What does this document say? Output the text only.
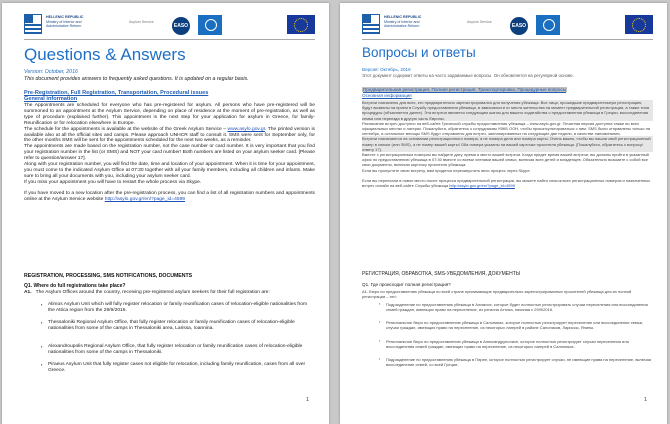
HELLENIC REPUBLIC
Ministry of Interior and
Administrative Reform
Asylum Service
EASO
Questions & Answers
Version: October, 2016
This document provides answers to frequently asked questions. It is updated on a regular basis.
Pre-Registration, Full Registration, Transportation, Procedural issues
General information

The Appointments are scheduled for everyone who has pre-registered for asylum. All persons who have pre-registered will be summoned to an appointment at the Asylum Service, depending on place of residence at the moment of pre-registration, as well as type of procedure (explained further). This appointment is the next step for your application for asylum in Greece, for family-Reunification or for relocation elsewhere in Europe.

The schedule for the appointments is available at the website of the Greek Asylum Service – www.asylo.gov.gr. The printed version is available also at all the official sites and camps. Please approach UNHCR staff to consult it. SMS were sent for September only, for the other months SMS will be sent for the appointments scheduled for the next two weeks, as a reminder.

The appointments are made based on the registration number, not the case number or card number. It is very important that you find your registration number in the list (or SMS) and NOT your card number! Both numbers are listed on your asylum seeker card. [Please refer to question/answer 17].

Along with your registration number, you will find the date, time and location of your appointment. When it is time for your appointment, you must come to the indicated Asylum Office at 07:30 together with all your family members, including all children and infants. Make sure to bring all your documents with you, including your asylum seeker card.

If you miss your appointment you will have to restart the whole process via Skype.

If you have moved to a new location after the pre-registration process, you can find a list of all registration numbers and appointments online at the Asylum Service website http://asylo.gov.gr/en/?page_id=4599

REGISTRATION, PROCESSING, SMS NOTIFICATIONS, DOCUMENTS
Q1. Where do full registrations take place?
A1. The Asylum Offices around the country, receiving pre-registered asylum seekers for their full registration are:
▪ Alimos Asylum Unit which will fully register relocation or family reunification cases of relocation-eligible nationalities from the Attica region from the 29/9/2016.
▪ Thessaloniki Regional Asylum Office, that fully register relocation or family reunification cases of relocation-eligible nationalities from some of the camps in Thessaloniki area, Larissa, Ioannina.
▪ Alexandroupolis Regional Asylum Office, that fully register relocation or family reunification cases of relocation-eligible nationalities from some of the camps in Thessaloniki.
▪ Piraeus Asylum Unit that fully register cases not eligible for relocation, including family reunification, cases from all over Greece.
1
HELLENIC REPUBLIC
Ministry of Interior and
Administrative Reform
Asylum Service
EASO
Вопросы и ответы
Версия: Октябрь, 2016
Этот документ содержит ответы на часто задаваемые вопросы. Он обновляется на регулярной основе.
Предварительная регистрация, Полная регистрация, Транспортировка, Процедурные вопросы
Основная информация

Встречи назначены для всех, кто предварительно зарегистрировался для получения убежища. Все лица, прошедшие предварительную регистрацию, будут вызваны на прием в Службу предоставления убежища, в зависимости от места жительства на момент предварительной регистрации, а также типа процедуры (объясняется далее). Эта встреча является следующим шагом для вашего ходатайства о предоставлении убежища в Греции, воссоединения семьи или переезда в другую часть Европы.

Расписание встреч доступно на веб-сайте Греческой службы предоставления убежища – www.asylo.gov.gr. Печатная версия доступна также во всех официальных местах и лагерях. Пожалуйста, обратитесь к сотрудникам УВКБ ООН, чтобы проконсультироваться с ним. SMS были отправлены только на сентябрь, в остальные месяцы SMS будут отправлены для встреч, запланированных на следующие две недели, в качестве напоминания.

Встречи назначаются на основании регистрационного номера, а не номера дела или номера карты. Очень важно, чтобы вы нашли свой регистрационный номер в списке (или SMS), а не номер вашей карты! Оба номера указаны на вашей карточке просителя убежища. [Пожалуйста, обратитесь к вопросу/ответу 17].

Вместе с регистрационным номером вы найдете дату, время и место вашей встречи. Когда придет время вашей встречи, вы должны прийти в указанный офис по предоставлению убежища в 07:30 вместе со всеми членами вашей семьи, включая всех детей и младенцев. Обязательно возьмите с собой все свои документы, включая карточку просителя убежища.

Если вы пропустите свою встречу, вам придется перезапустить весь процесс через Skype.

Если вы переехали в новое место после процесса предварительной регистрации, вы можете найти список всех регистрационных номеров и назначенных встреч онлайн на веб-сайте Службы убежища http://asylo.gov.gr/en/?page_id=4599

РЕГИСТРАЦИЯ, ОБРАБОТКА, SMS-УВЕДОМЛЕНИЯ, ДОКУМЕНТЫ
Q1. Где происходит полная регистрация?
A1. Бюро по предоставлению убежища по всей стране принимающие предварительно зарегистрированных просителей убежища для их полной регистрации – это:
▪ Подразделение по предоставлению убежища в Алимосе, которое будет полностью регистрировать случаи переселения или воссоединения семей граждан, имеющих право на переселение, из региона Аттика, начиная с 29/9/2016.
▪ Региональное бюро по предоставлению убежища в Салониках, которое полностью регистрирует переселение или воссоединение семьи, случаи граждан, имеющих право на переселение, из некоторых лагерей в районе Салоников, Лариссы, Янины.
▪ Региональное бюро по предоставлению убежища в Александруполисе, которое полностью регистрирует случаи переселения или воссоединения семей граждан, имеющих право на переселение, из некоторых лагерей в Салониках.
▪ Подразделение по предоставлению убежища в Пирее, которое полностью регистрирует случаи, не имеющие права на переселение, включая воссоединение семей, со всей Греции.
1
